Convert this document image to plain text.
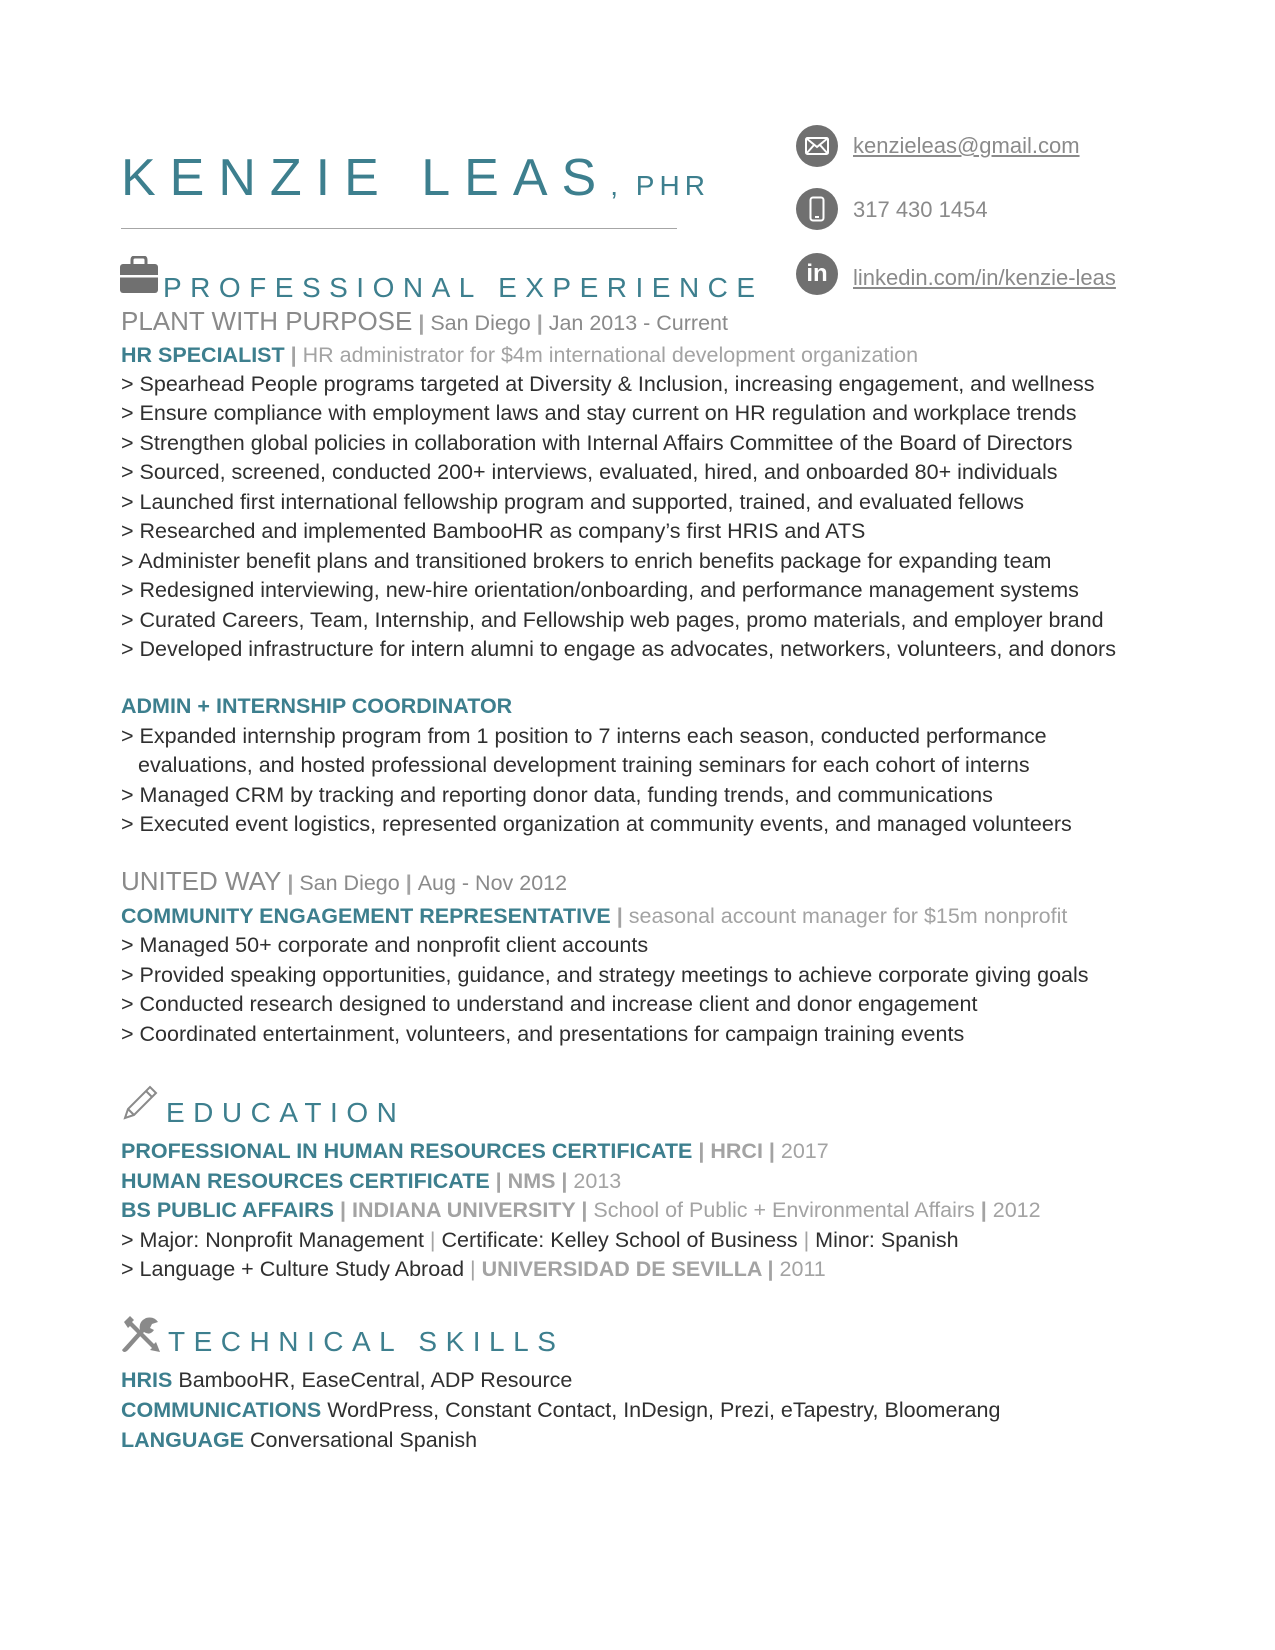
KENZIE LEAS, PHR
kenzieleas@gmail.com
317 430 1454
in linkedin.com/in/kenzie-leas
PROFESSIONAL EXPERIENCE
PLANT WITH PURPOSE | San Diego | Jan 2013 - Current
HR SPECIALIST | HR administrator for $4m international development organization
> Spearhead People programs targeted at Diversity & Inclusion, increasing engagement, and wellness
> Ensure compliance with employment laws and stay current on HR regulation and workplace trends
> Strengthen global policies in collaboration with Internal Affairs Committee of the Board of Directors
> Sourced, screened, conducted 200+ interviews, evaluated, hired, and onboarded 80+ individuals
> Launched first international fellowship program and supported, trained, and evaluated fellows
> Researched and implemented BambooHR as company’s first HRIS and ATS
> Administer benefit plans and transitioned brokers to enrich benefits package for expanding team
> Redesigned interviewing, new-hire orientation/onboarding, and performance management systems
> Curated Careers, Team, Internship, and Fellowship web pages, promo materials, and employer brand
> Developed infrastructure for intern alumni to engage as advocates, networkers, volunteers, and donors
ADMIN + INTERNSHIP COORDINATOR
> Expanded internship program from 1 position to 7 interns each season, conducted performance
evaluations, and hosted professional development training seminars for each cohort of interns
> Managed CRM by tracking and reporting donor data, funding trends, and communications
> Executed event logistics, represented organization at community events, and managed volunteers
UNITED WAY | San Diego | Aug - Nov 2012
COMMUNITY ENGAGEMENT REPRESENTATIVE | seasonal account manager for $15m nonprofit
> Managed 50+ corporate and nonprofit client accounts
> Provided speaking opportunities, guidance, and strategy meetings to achieve corporate giving goals
> Conducted research designed to understand and increase client and donor engagement
> Coordinated entertainment, volunteers, and presentations for campaign training events
EDUCATION
PROFESSIONAL IN HUMAN RESOURCES CERTIFICATE | HRCI | 2017
HUMAN RESOURCES CERTIFICATE | NMS | 2013
BS PUBLIC AFFAIRS | INDIANA UNIVERSITY | School of Public + Environmental Affairs | 2012
> Major: Nonprofit Management | Certificate: Kelley School of Business | Minor: Spanish
> Language + Culture Study Abroad | UNIVERSIDAD DE SEVILLA | 2011
TECHNICAL SKILLS
HRIS BambooHR, EaseCentral, ADP Resource
COMMUNICATIONS WordPress, Constant Contact, InDesign, Prezi, eTapestry, Bloomerang
LANGUAGE Conversational Spanish
